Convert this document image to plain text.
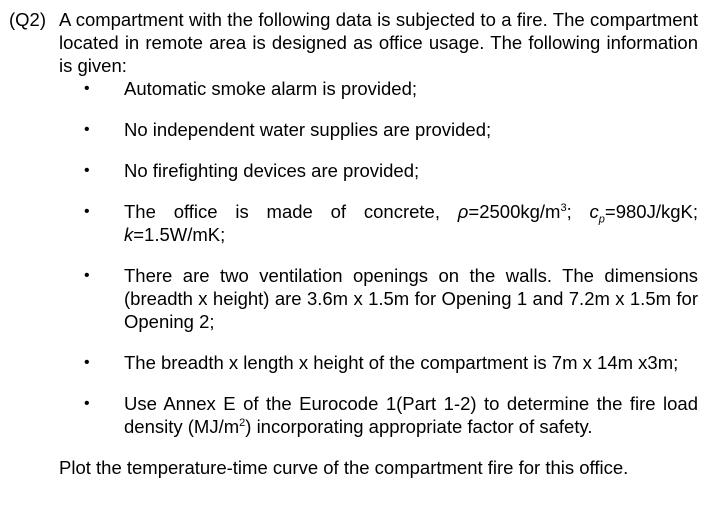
(Q2) A compartment with the following data is subjected to a fire. The compartment located in remote area is designed as office usage. The following information is given:
•	Automatic smoke alarm is provided;
•	No independent water supplies are provided;
•	No firefighting devices are provided;
•	The office is made of concrete, $\rho=2500kg/m^3$; $c_p=980J$/kgK; k=1.5W/mK;
•	There are two ventilation openings on the walls. The dimensions (breadth x height) are 3.6m x 1.5m for Opening 1 and 7.2m x 1.5m for Opening 2;
•	The breadth x length x height of the compartment is 7m x 14m x3m;
•	Use Annex E of the Eurocode 1(Part 1-2) to determine the fire load density $(MJ/m^2)$ incorporating appropriate factor of safety.
Plot the temperature-time curve of the compartment fire for this office.
